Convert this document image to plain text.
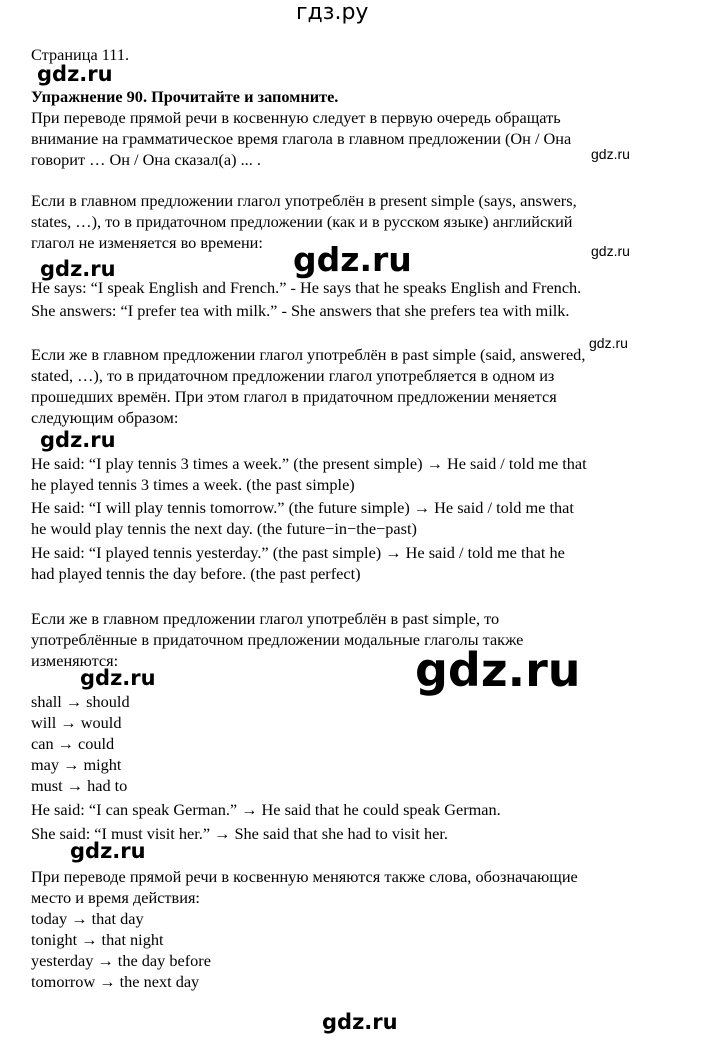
гдз.ру
Страница 111.
Упражнение 90. Прочитайте и запомните.
При переводе прямой речи в косвенную следует в первую очередь обращать
внимание на грамматическое время глагола в главном предложении (Он / Она
говорит … Он / Она сказал(а) ... .
Если в главном предложении глагол употреблён в present simple (says, answers,
states, …), то в придаточном предложении (как и в русском языке) английский
глагол не изменяется во времени:
He says: “I speak English and French.” - He says that he speaks English and French.
She answers: “I prefer tea with milk.” - She answers that she prefers tea with milk.
Если же в главном предложении глагол употреблён в past simple (said, answered,
stated, …), то в придаточном предложении глагол употребляется в одном из
прошедших времён. При этом глагол в придаточном предложении меняется
следующим образом:
He said: “I play tennis 3 times a week.” (the present simple) → He said / told me that
he played tennis 3 times a week. (the past simple)
He said: “I will play tennis tomorrow.” (the future simple) → He said / told me that
he would play tennis the next day. (the future−in−the−past)
He said: “I played tennis yesterday.” (the past simple) → He said / told me that he
had played tennis the day before. (the past perfect)
Если же в главном предложении глагол употреблён в past simple, то
употреблённые в придаточном предложении модальные глаголы также
изменяются:
shall → should
will → would
can → could
may → might
must → had to
He said: “I can speak German.” → He said that he could speak German.
She said: “I must visit her.” → She said that she had to visit her.
При переводе прямой речи в косвенную меняются также слова, обозначающие
место и время действия:
today → that day
tonight → that night
yesterday → the day before
tomorrow → the next day
gdz.ru
gdz.ru
gdz.ru
gdz.ru
gdz.ru
gdz.ru
gdz.ru
gdz.ru
gdz.ru
gdz.ru
gdz.ru
